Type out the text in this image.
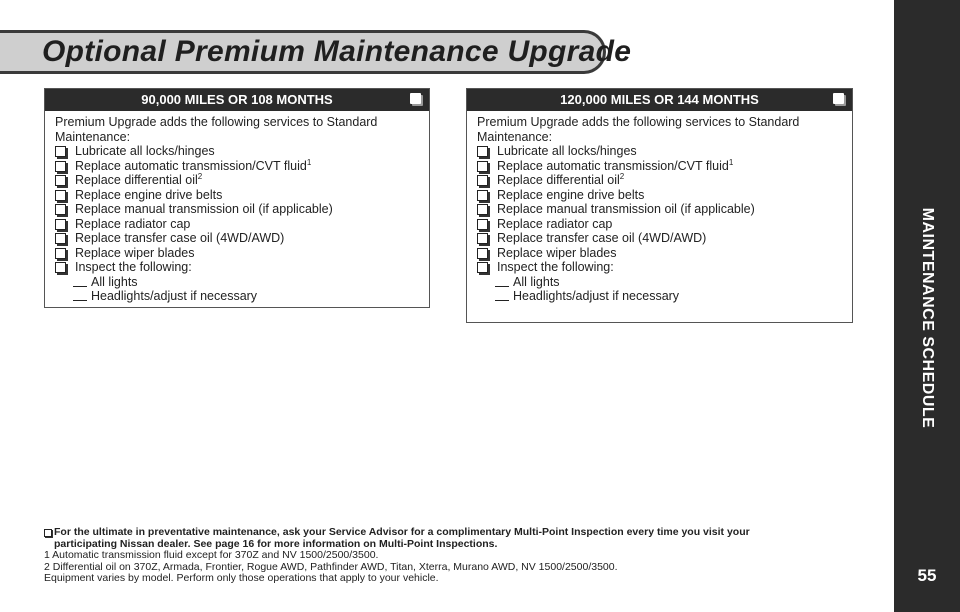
MAINTENANCE SCHEDULE
55
Optional Premium Maintenance Upgrade
90,000 MILES OR 108 MONTHS
Premium Upgrade adds the following services to Standard Maintenance:
Lubricate all locks/hinges
Replace automatic transmission/CVT fluid$^1$
Replace differential oil$^2$
Replace engine drive belts
Replace manual transmission oil (if applicable)
Replace radiator cap
Replace transfer case oil (4WD/AWD)
Replace wiper blades
Inspect the following:
All lights
Headlights/adjust if necessary
120,000 MILES OR 144 MONTHS
Premium Upgrade adds the following services to Standard Maintenance:
Lubricate all locks/hinges
Replace automatic transmission/CVT fluid$^1$
Replace differential oil$^2$
Replace engine drive belts
Replace manual transmission oil (if applicable)
Replace radiator cap
Replace transfer case oil (4WD/AWD)
Replace wiper blades
Inspect the following:
All lights
Headlights/adjust if necessary
For the ultimate in preventative maintenance, ask your Service Advisor for a complimentary Multi-Point Inspection every time you visit your
participating Nissan dealer. See page 16 for more information on Multi-Point Inspections.
1 Automatic transmission fluid except for 370Z and NV 1500/2500/3500.
2 Differential oil on 370Z, Armada, Frontier, Rogue AWD, Pathfinder AWD, Titan, Xterra, Murano AWD, NV 1500/2500/3500.
Equipment varies by model. Perform only those operations that apply to your vehicle.
